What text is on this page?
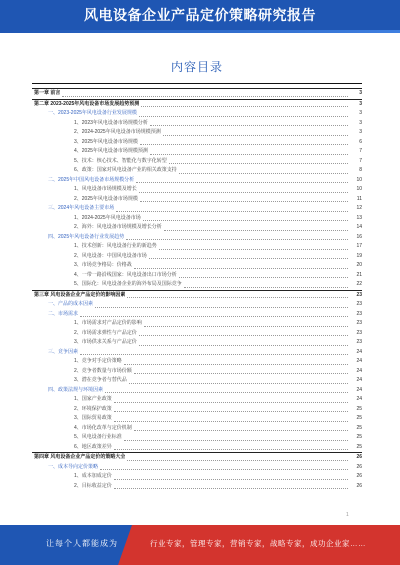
风电设备企业产品定价策略研究报告
内容目录
第一章 前言	3
第二章 2023-2025年风电设备市场发展趋势预测	3
一、2023-2025年风电设备行业发展规模	3
1、2023年风电设备市场规模分析	3
2、2024-2025年风电设备市场规模预测	3
3、2025年风电设备市场规模	6
4、2025年风电设备市场规模预测	7
5、技术：核心技术、智能化与数字化转型	7
6、政策：国家对风电设备产业的相关政策支持	8
二、2025年中国风电设备市场规模分析	10
1、风电设备市场规模及增长	10
2、2025年风电设备市场规模	11
三、2024年风电设备主要市场	12
1、2024-2025年风电设备市场	13
2、海外：风电设备市场规模及增长分析	14
四、2025年风电设备行业发展趋势	16
1、技术创新：风电设备行业的新趋势	17
2、风电设备：中国风电设备市场	19
3、市场竞争格局：价格战	20
4、一带一路沿线国家：风电设备出口市场分析	21
5、国际化：风电设备企业的海外布局及国际竞争	22
第三章 风电设备企业产品定价的影响因素	23
一、产品的成本因素	23
二、市场需求	23
1、市场需求对产品定价的影响	23
2、市场需求弹性与产品定价	23
3、市场供求关系与产品定价	23
三、竞争因素	24
1、竞争对手定价策略	24
2、竞争者数量与市场份额	24
3、潜在竞争者与替代品	24
四、政策法规与环境因素	24
1、国家产业政策	24
2、环境保护政策	25
3、国际贸易政策	25
4、市场化改革与定价机制	25
5、风电设备行业标准	25
6、地区政策差异	25
第四章 风电设备企业产品定价的策略大全	26
一、成本导向定价策略	26
1、成本加成定价	26
2、目标收益定价	26
1
让每个人都能成为	行业专家，管理专家，营销专家，战略专家，成功企业家……
